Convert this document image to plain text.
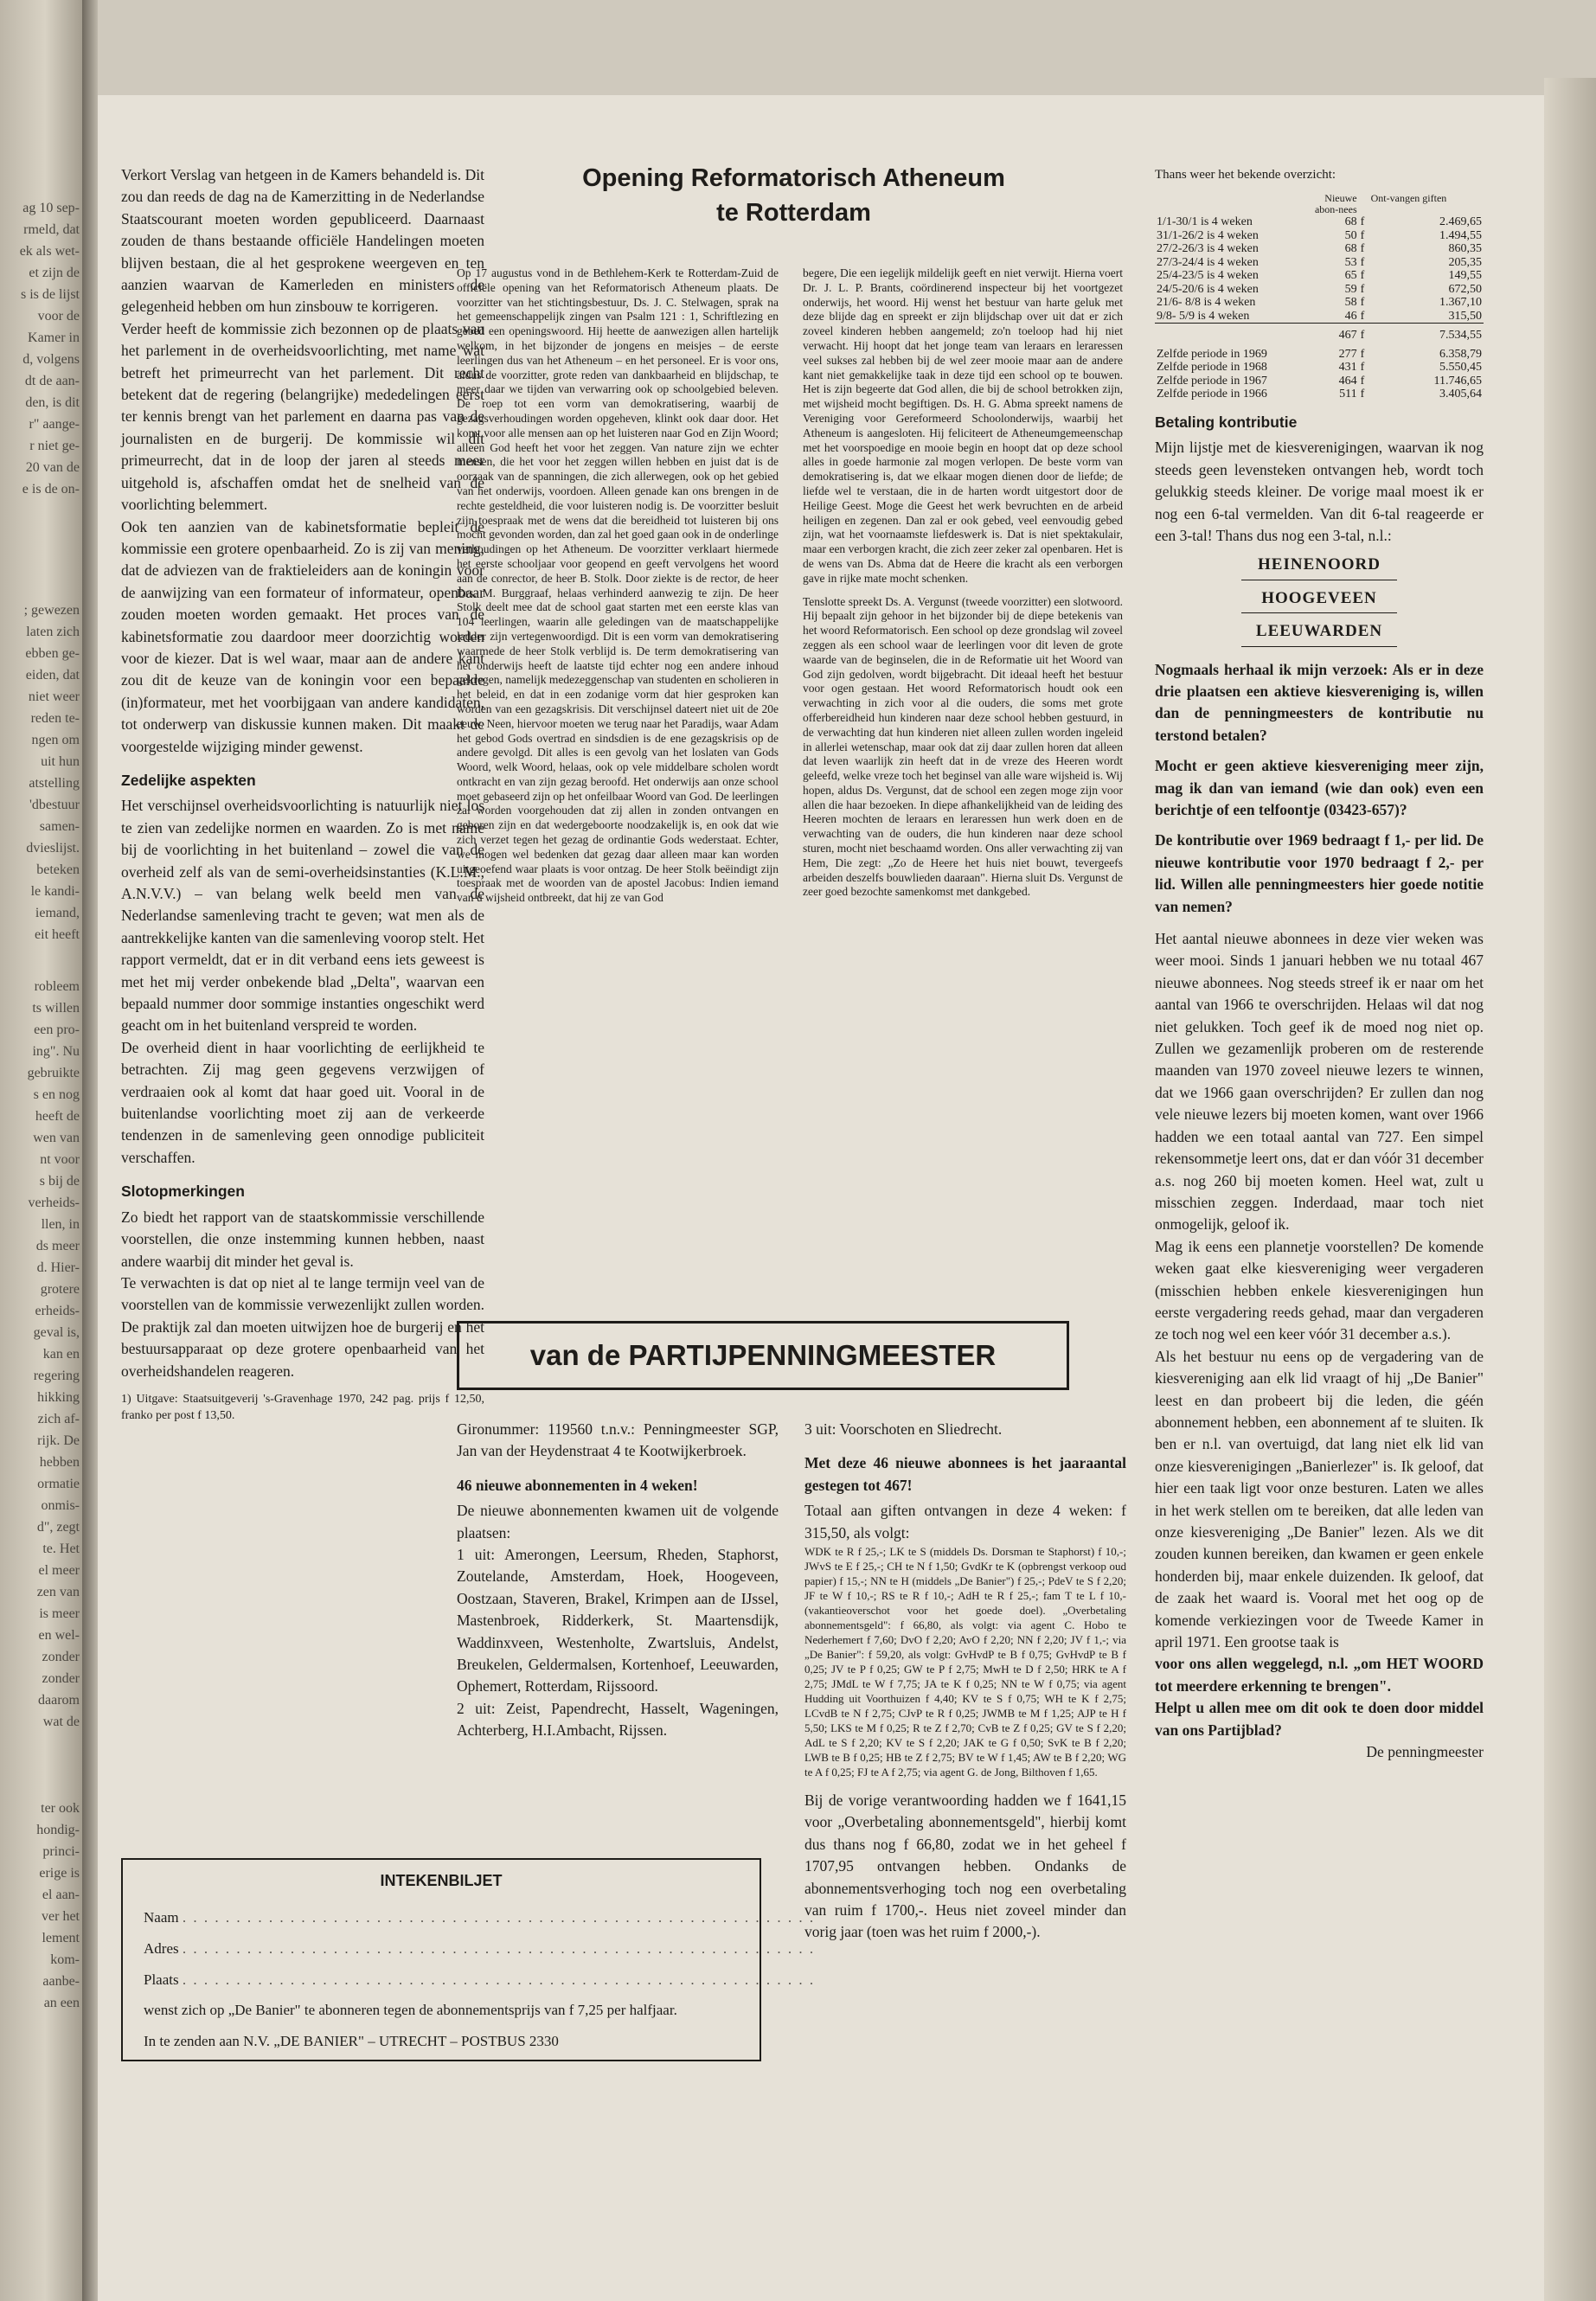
ag 10 sep-
rmeld, dat
ek als wet-
et zijn de
s is de lijst
voor de
Kamer in
d, volgens
dt de aan-
den, is dit
r" aange-
r niet ge-
20 van de
e is de on-
; gewezen
laten zich
ebben ge-
eiden, dat
niet weer
reden te-
ngen om
uit hun
atstelling
'dbestuur
samen-
dvieslijst.
beteken
le kandi-
iemand,
eit heeft
robleem
ts willen
een pro-
ing". Nu
gebruikte
s en nog
heeft de
wen van
nt voor
s bij de
verheids-
llen, in
ds meer
d. Hier-
grotere
erheids-
geval is,
kan en
regering
hikking
zich af-
rijk. De
hebben
ormatie
onmis-
d", zegt
te. Het
el meer
zen van
is meer
en wel-
zonder
zonder
daarom
wat de
ter ook
hondig-
princi-
erige is
el aan-
ver het
lement
kom-
aanbe-
an een

Verkort Verslag van hetgeen in de Kamers behandeld is. Dit zou dan reeds de dag na de Kamerzitting in de Nederlandse Staatscourant moeten worden gepubliceerd. Daarnaast zouden de thans bestaande officiële Handelingen moeten blijven bestaan, die al het gesprokene weergeven en ten aanzien waarvan de Kamerleden en ministers de gelegenheid hebben om hun zinsbouw te korrigeren.

Verder heeft de kommissie zich bezonnen op de plaats van het parlement in de overheidsvoorlichting, met name wat betreft het primeurrecht van het parlement. Dit recht betekent dat de regering (belangrijke) mededelingen eerst ter kennis brengt van het parlement en daarna pas van de journalisten en de burgerij. De kommissie wil dit primeurrecht, dat in de loop der jaren al steeds meer uitgehold is, afschaffen omdat het de snelheid van de voorlichting belemmert.

Ook ten aanzien van de kabinetsformatie bepleit de kommissie een grotere openbaarheid. Zo is zij van mening, dat de adviezen van de fraktieleiders aan de koningin voor de aanwijzing van een formateur of informateur, openbaar zouden moeten worden gemaakt. Het proces van de kabinetsformatie zou daardoor meer doorzichtig worden voor de kiezer. Dat is wel waar, maar aan de andere kant zou dit de keuze van de koningin voor een bepaalde (in)formateur, met het voorbijgaan van andere kandidaten, tot onderwerp van diskussie kunnen maken. Dit maakt de voorgestelde wijziging minder gewenst.

Zedelijke aspekten

Het verschijnsel overheidsvoorlichting is natuurlijk niet los te zien van zedelijke normen en waarden. Zo is met name bij de voorlichting in het buitenland – zowel die van de overheid zelf als van de semi-overheidsinstanties (K.L.M., A.N.V.V.) – van belang welk beeld men van de Nederlandse samenleving tracht te geven; wat men als de aantrekkelijke kanten van die samenleving voorop stelt. Het rapport vermeldt, dat er in dit verband eens iets geweest is met het mij verder onbekende blad „Delta", waarvan een bepaald nummer door sommige instanties ongeschikt werd geacht om in het buitenland verspreid te worden.

De overheid dient in haar voorlichting de eerlijkheid te betrachten. Zij mag geen gegevens verzwijgen of verdraaien ook al komt dat haar goed uit. Vooral in de buitenlandse voorlichting moet zij aan de verkeerde tendenzen in de samenleving geen onnodige publiciteit verschaffen.

Slotopmerkingen

Zo biedt het rapport van de staatskommissie verschillende voorstellen, die onze instemming kunnen hebben, naast andere waarbij dit minder het geval is.

Te verwachten is dat op niet al te lange termijn veel van de voorstellen van de kommissie verwezenlijkt zullen worden. De praktijk zal dan moeten uitwijzen hoe de burgerij en het bestuursapparaat op deze grotere openbaarheid van het overheidshandelen reageren.

1) Uitgave: Staatsuitgeverij 's-Gravenhage 1970, 242 pag. prijs f 12,50, franko per post f 13,50.

Opening Reformatorisch Atheneum
te Rotterdam

Op 17 augustus vond in de Bethlehem-Kerk te Rotterdam-Zuid de officiële opening van het Reformatorisch Atheneum plaats. De voorzitter van het stichtingsbestuur, Ds. J. C. Stelwagen, sprak na het gemeenschappelijk zingen van Psalm 121 : 1, Schriftlezing en gebed een openingswoord. Hij heette de aanwezigen allen hartelijk welkom, in het bijzonder de jongens en meisjes – de eerste leerlingen dus van het Atheneum – en het personeel. Er is voor ons, aldus de voorzitter, grote reden van dankbaarheid en blijdschap, te meer daar we tijden van verwarring ook op schoolgebied beleven. De roep tot een vorm van demokratisering, waarbij de gezagsverhoudingen worden opgeheven, klinkt ook daar door. Het komt voor alle mensen aan op het luisteren naar God en Zijn Woord; alleen God heeft het voor het zeggen. Van nature zijn we echter mensen, die het voor het zeggen willen hebben en juist dat is de oorzaak van de spanningen, die zich allerwegen, ook op het gebied van het onderwijs, voordoen. Alleen genade kan ons brengen in de rechte gesteldheid, die voor luisteren nodig is. De voorzitter besluit zijn toespraak met de wens dat die bereidheid tot luisteren bij ons mocht gevonden worden, dan zal het goed gaan ook in de onderlinge verhoudingen op het Atheneum. De voorzitter verklaart hiermede het eerste schooljaar voor geopend en geeft vervolgens het woord aan de conrector, de heer B. Stolk. Door ziekte is de rector, de heer Drs. M. Burggraaf, helaas verhinderd aanwezig te zijn. De heer Stolk deelt mee dat de school gaat starten met een eerste klas van 104 leerlingen, waarin alle geledingen van de maatschappelijke ladder zijn vertegenwoordigd. Dit is een vorm van demokratisering waarmede de heer Stolk verblijd is. De term demokratisering van het onderwijs heeft de laatste tijd echter nog een andere inhoud gekregen, namelijk medezeggenschap van studenten en scholieren in het beleid, en dat in een zodanige vorm dat hier gesproken kan worden van een gezagskrisis. Dit verschijnsel dateert niet uit de 20e eeuw. Neen, hiervoor moeten we terug naar het Paradijs, waar Adam het gebod Gods overtrad en sindsdien is de ene gezagskrisis op de andere gevolgd. Dit alles is een gevolg van het loslaten van Gods Woord, welk Woord, helaas, ook op vele middelbare scholen wordt ontkracht en van zijn gezag beroofd. Het onderwijs aan onze school moet gebaseerd zijn op het onfeilbaar Woord van God. De leerlingen zal worden voorgehouden dat zij allen in zonden ontvangen en geboren zijn en dat wedergeboorte noodzakelijk is, en ook dat wie zich verzet tegen het gezag de ordinantie Gods wederstaat. Echter, we mogen wel bedenken dat gezag daar alleen maar kan worden uitgeoefend waar plaats is voor ontzag. De heer Stolk beëindigt zijn toespraak met de woorden van de apostel Jacobus: Indien iemand van u wijsheid ontbreekt, dat hij ze van God

begere, Die een iegelijk mildelijk geeft en niet verwijt. Hierna voert Dr. J. L. P. Brants, coördinerend inspecteur bij het voortgezet onderwijs, het woord. Hij wenst het bestuur van harte geluk met deze blijde dag en spreekt er zijn blijdschap over uit dat er zich zoveel kinderen hebben aangemeld; zo'n toeloop had hij niet verwacht. Hij hoopt dat het jonge team van leraars en leraressen veel sukses zal hebben bij de wel zeer mooie maar aan de andere kant niet gemakkelijke taak in deze tijd een school op te bouwen. Het is zijn begeerte dat God allen, die bij de school betrokken zijn, met wijsheid mocht begiftigen. Ds. H. G. Abma spreekt namens de Vereniging voor Gereformeerd Schoolonderwijs, waarbij het Atheneum is aangesloten. Hij feliciteert de Atheneumgemeenschap met het voorspoedige en mooie begin en hoopt dat op deze school alles in goede harmonie zal mogen verlopen. De beste vorm van demokratisering is, dat we elkaar mogen dienen door de liefde; de liefde wel te verstaan, die in de harten wordt uitgestort door de Heilige Geest. Moge die Geest het werk bevruchten en de arbeid heiligen en zegenen. Dan zal er ook gebed, veel eenvoudig gebed zijn, wat het voornaamste liefdeswerk is. Dat is niet spektakulair, maar een verborgen kracht, die zich zeer zeker zal openbaren. Het is de wens van Ds. Abma dat de Heere die kracht als een verborgen gave in rijke mate mocht schenken.

Tenslotte spreekt Ds. A. Vergunst (tweede voorzitter) een slotwoord. Hij bepaalt zijn gehoor in het bijzonder bij de diepe betekenis van het woord Reformatorisch. Een school op deze grondslag wil zoveel zeggen als een school waar de leerlingen voor dit leven de grote waarde van de beginselen, die in de Reformatie uit het Woord van God zijn gedolven, wordt bijgebracht. Dit ideaal heeft het bestuur voor ogen gestaan. Het woord Reformatorisch houdt ook een verwachting in zich voor al die ouders, die soms met grote offerbereidheid hun kinderen naar deze school hebben gestuurd, in de verwachting dat hun kinderen niet alleen zullen worden ingeleid in allerlei wetenschap, maar ook dat zij daar zullen horen dat alleen dat leven waarlijk zin heeft dat in de vreze des Heeren wordt geleefd, welke vreze toch het beginsel van alle ware wijsheid is. Wij hopen, aldus Ds. Vergunst, dat de school een zegen moge zijn voor allen die haar bezoeken. In diepe afhankelijkheid van de leiding des Heeren mochten de leraars en leraressen hun werk doen en de verwachting van de ouders, die hun kinderen naar deze school sturen, mocht niet beschaamd worden. Ons aller verwachting zij van Hem, Die zegt: „Zo de Heere het huis niet bouwt, tevergeefs arbeiden deszelfs bouwlieden daaraan". Hierna sluit Ds. Vergunst de zeer goed bezochte samenkomst met dankgebed.

van de PARTIJPENNINGMEESTER

Gironummer: 119560 t.n.v.: Penningmeester SGP, Jan van der Heydenstraat 4 te Kootwijkerbroek.

46 nieuwe abonnementen in 4 weken!

De nieuwe abonnementen kwamen uit de volgende plaatsen:

1 uit: Amerongen, Leersum, Rheden, Staphorst, Zoutelande, Amsterdam, Hoek, Hoogeveen, Oostzaan, Staveren, Brakel, Krimpen aan de IJssel, Mastenbroek, Ridderkerk, St. Maartensdijk, Waddinxveen, Westenholte, Zwartsluis, Andelst, Breukelen, Geldermalsen, Kortenhoef, Leeuwarden, Ophemert, Rotterdam, Rijssoord.

2 uit: Zeist, Papendrecht, Hasselt, Wageningen, Achterberg, H.I.Ambacht, Rijssen.

3 uit: Voorschoten en Sliedrecht.

Met deze 46 nieuwe abonnees is het jaaraantal gestegen tot 467!

Totaal aan giften ontvangen in deze 4 weken: f 315,50, als volgt:

WDK te R f 25,-; LK te S (middels Ds. Dorsman te Staphorst) f 10,-; JWvS te E f 25,-; CH te N f 1,50; GvdKr te K (opbrengst verkoop oud papier) f 15,-; NN te H (middels „De Banier") f 25,-; PdeV te S f 2,20; JF te W f 10,-; RS te R f 10,-; AdH te R f 25,-; fam T te L f 10,- (vakantieoverschot voor het goede doel). „Overbetaling abonnementsgeld": f 66,80, als volgt: via agent C. Hobo te Nederhemert f 7,60; DvO f 2,20; AvO f 2,20; NN f 2,20; JV f 1,-; via „De Banier": f 59,20, als volgt: GvHvdP te B f 0,75; GvHvdP te B f 0,25; JV te P f 0,25; GW te P f 2,75; MwH te D f 2,50; HRK te A f 2,75; JMdL te W f 7,75; JA te K f 0,25; NN te W f 0,75; via agent Hudding uit Voorthuizen f 4,40; KV te S f 0,75; WH te K f 2,75; LCvdB te N f 2,75; CJvP te R f 0,25; JWMB te M f 1,25; AJP te H f 5,50; LKS te M f 0,25; R te Z f 2,70; CvB te Z f 0,25; GV te S f 2,20; AdL te S f 2,20; KV te S f 2,20; JAK te G f 0,50; SvK te B f 2,20; LWB te B f 0,25; HB te Z f 2,75; BV te W f 1,45; AW te B f 2,20; WG te A f 0,25; FJ te A f 2,75; via agent G. de Jong, Bilthoven f 1,65.

Bij de vorige verantwoording hadden we f 1641,15 voor „Overbetaling abonnementsgeld", hierbij komt dus thans nog f 66,80, zodat we in het geheel f 1707,95 ontvangen hebben. Ondanks de abonnementsverhoging toch nog een overbetaling van ruim f 1700,-. Heus niet zoveel minder dan vorig jaar (toen was het ruim f 2000,-).

Thans weer het bekende overzicht:

	Nieuwe abon-nees	Ont-vangen giften	
1/1-30/1 is 4 weken	68	f	2.469,65
31/1-26/2 is 4 weken	50	f	1.494,55
27/2-26/3 is 4 weken	68	f	860,35
27/3-24/4 is 4 weken	53	f	205,35
25/4-23/5 is 4 weken	65	f	149,55
24/5-20/6 is 4 weken	59	f	672,50
21/6- 8/8 is 4 weken	58	f	1.367,10
9/8- 5/9 is 4 weken	46	f	315,50
	467	f	7.534,55
Zelfde periode in 1969	277	f	6.358,79
Zelfde periode in 1968	431	f	5.550,45
Zelfde periode in 1967	464	f	11.746,65
Zelfde periode in 1966	511	f	3.405,64
Betaling kontributie

Mijn lijstje met de kiesverenigingen, waarvan ik nog steeds geen levensteken ontvangen heb, wordt toch gelukkig steeds kleiner. De vorige maal moest ik er nog een 6-tal vermelden. Van dit 6-tal reageerde er een 3-tal! Thans dus nog een 3-tal, n.l.:

HEINENOORD
HOOGEVEEN
LEEUWARDEN

Nogmaals herhaal ik mijn verzoek: Als er in deze drie plaatsen een aktieve kiesvereniging is, willen dan de penningmeesters de kontributie nu terstond betalen?

Mocht er geen aktieve kiesvereniging meer zijn, mag ik dan van iemand (wie dan ook) even een berichtje of een telfoontje (03423-657)?

De kontributie over 1969 bedraagt f 1,- per lid. De nieuwe kontributie voor 1970 bedraagt f 2,- per lid. Willen alle penningmeesters hier goede notitie van nemen?

Het aantal nieuwe abonnees in deze vier weken was weer mooi. Sinds 1 januari hebben we nu totaal 467 nieuwe abonnees. Nog steeds streef ik er naar om het aantal van 1966 te overschrijden. Helaas wil dat nog niet gelukken. Toch geef ik de moed nog niet op. Zullen we gezamenlijk proberen om de resterende maanden van 1970 zoveel nieuwe lezers te winnen, dat we 1966 gaan overschrijden? Er zullen dan nog vele nieuwe lezers bij moeten komen, want over 1966 hadden we een totaal aantal van 727. Een simpel rekensommetje leert ons, dat er dan vóór 31 december a.s. nog 260 bij moeten komen. Heel wat, zult u misschien zeggen. Inderdaad, maar toch niet onmogelijk, geloof ik.

Mag ik eens een plannetje voorstellen? De komende weken gaat elke kiesvereniging weer vergaderen (misschien hebben enkele kiesverenigingen hun eerste vergadering reeds gehad, maar dan vergaderen ze toch nog wel een keer vóór 31 december a.s.).

Als het bestuur nu eens op de vergadering van de kiesvereniging aan elk lid vraagt of hij „De Banier" leest en dan probeert bij die leden, die géén abonnement hebben, een abonnement af te sluiten. Ik ben er n.l. van overtuigd, dat lang niet elk lid van onze kiesverenigingen „Banierlezer" is. Ik geloof, dat hier een taak ligt voor onze besturen. Laten we alles in het werk stellen om te bereiken, dat alle leden van onze kiesvereniging „De Banier" lezen. Als we dit zouden kunnen bereiken, dan kwamen er geen enkele honderden bij, maar enkele duizenden. Ik geloof, dat de zaak het waard is. Vooral met het oog op de komende verkiezingen voor de Tweede Kamer in april 1971. Een grootse taak is

voor ons allen weggelegd, n.l. „om HET WOORD tot meerdere erkenning te brengen".

Helpt u allen mee om dit ook te doen door middel van ons Partijblad?

De penningmeester

INTEKENBILJET
Naam . . . . . . . . . . . . . . . . . . . . . . . . . . . . . . . . . . . . . . . . . . . . . . . . . . . . . . . . . . .
Adres . . . . . . . . . . . . . . . . . . . . . . . . . . . . . . . . . . . . . . . . . . . . . . . . . . . . . . . . . . .
Plaats . . . . . . . . . . . . . . . . . . . . . . . . . . . . . . . . . . . . . . . . . . . . . . . . . . . . . . . . . . .
wenst zich op „De Banier" te abonneren tegen de abonnementsprijs van f 7,25 per halfjaar.
In te zenden aan N.V. „DE BANIER" – UTRECHT – POSTBUS 2330
